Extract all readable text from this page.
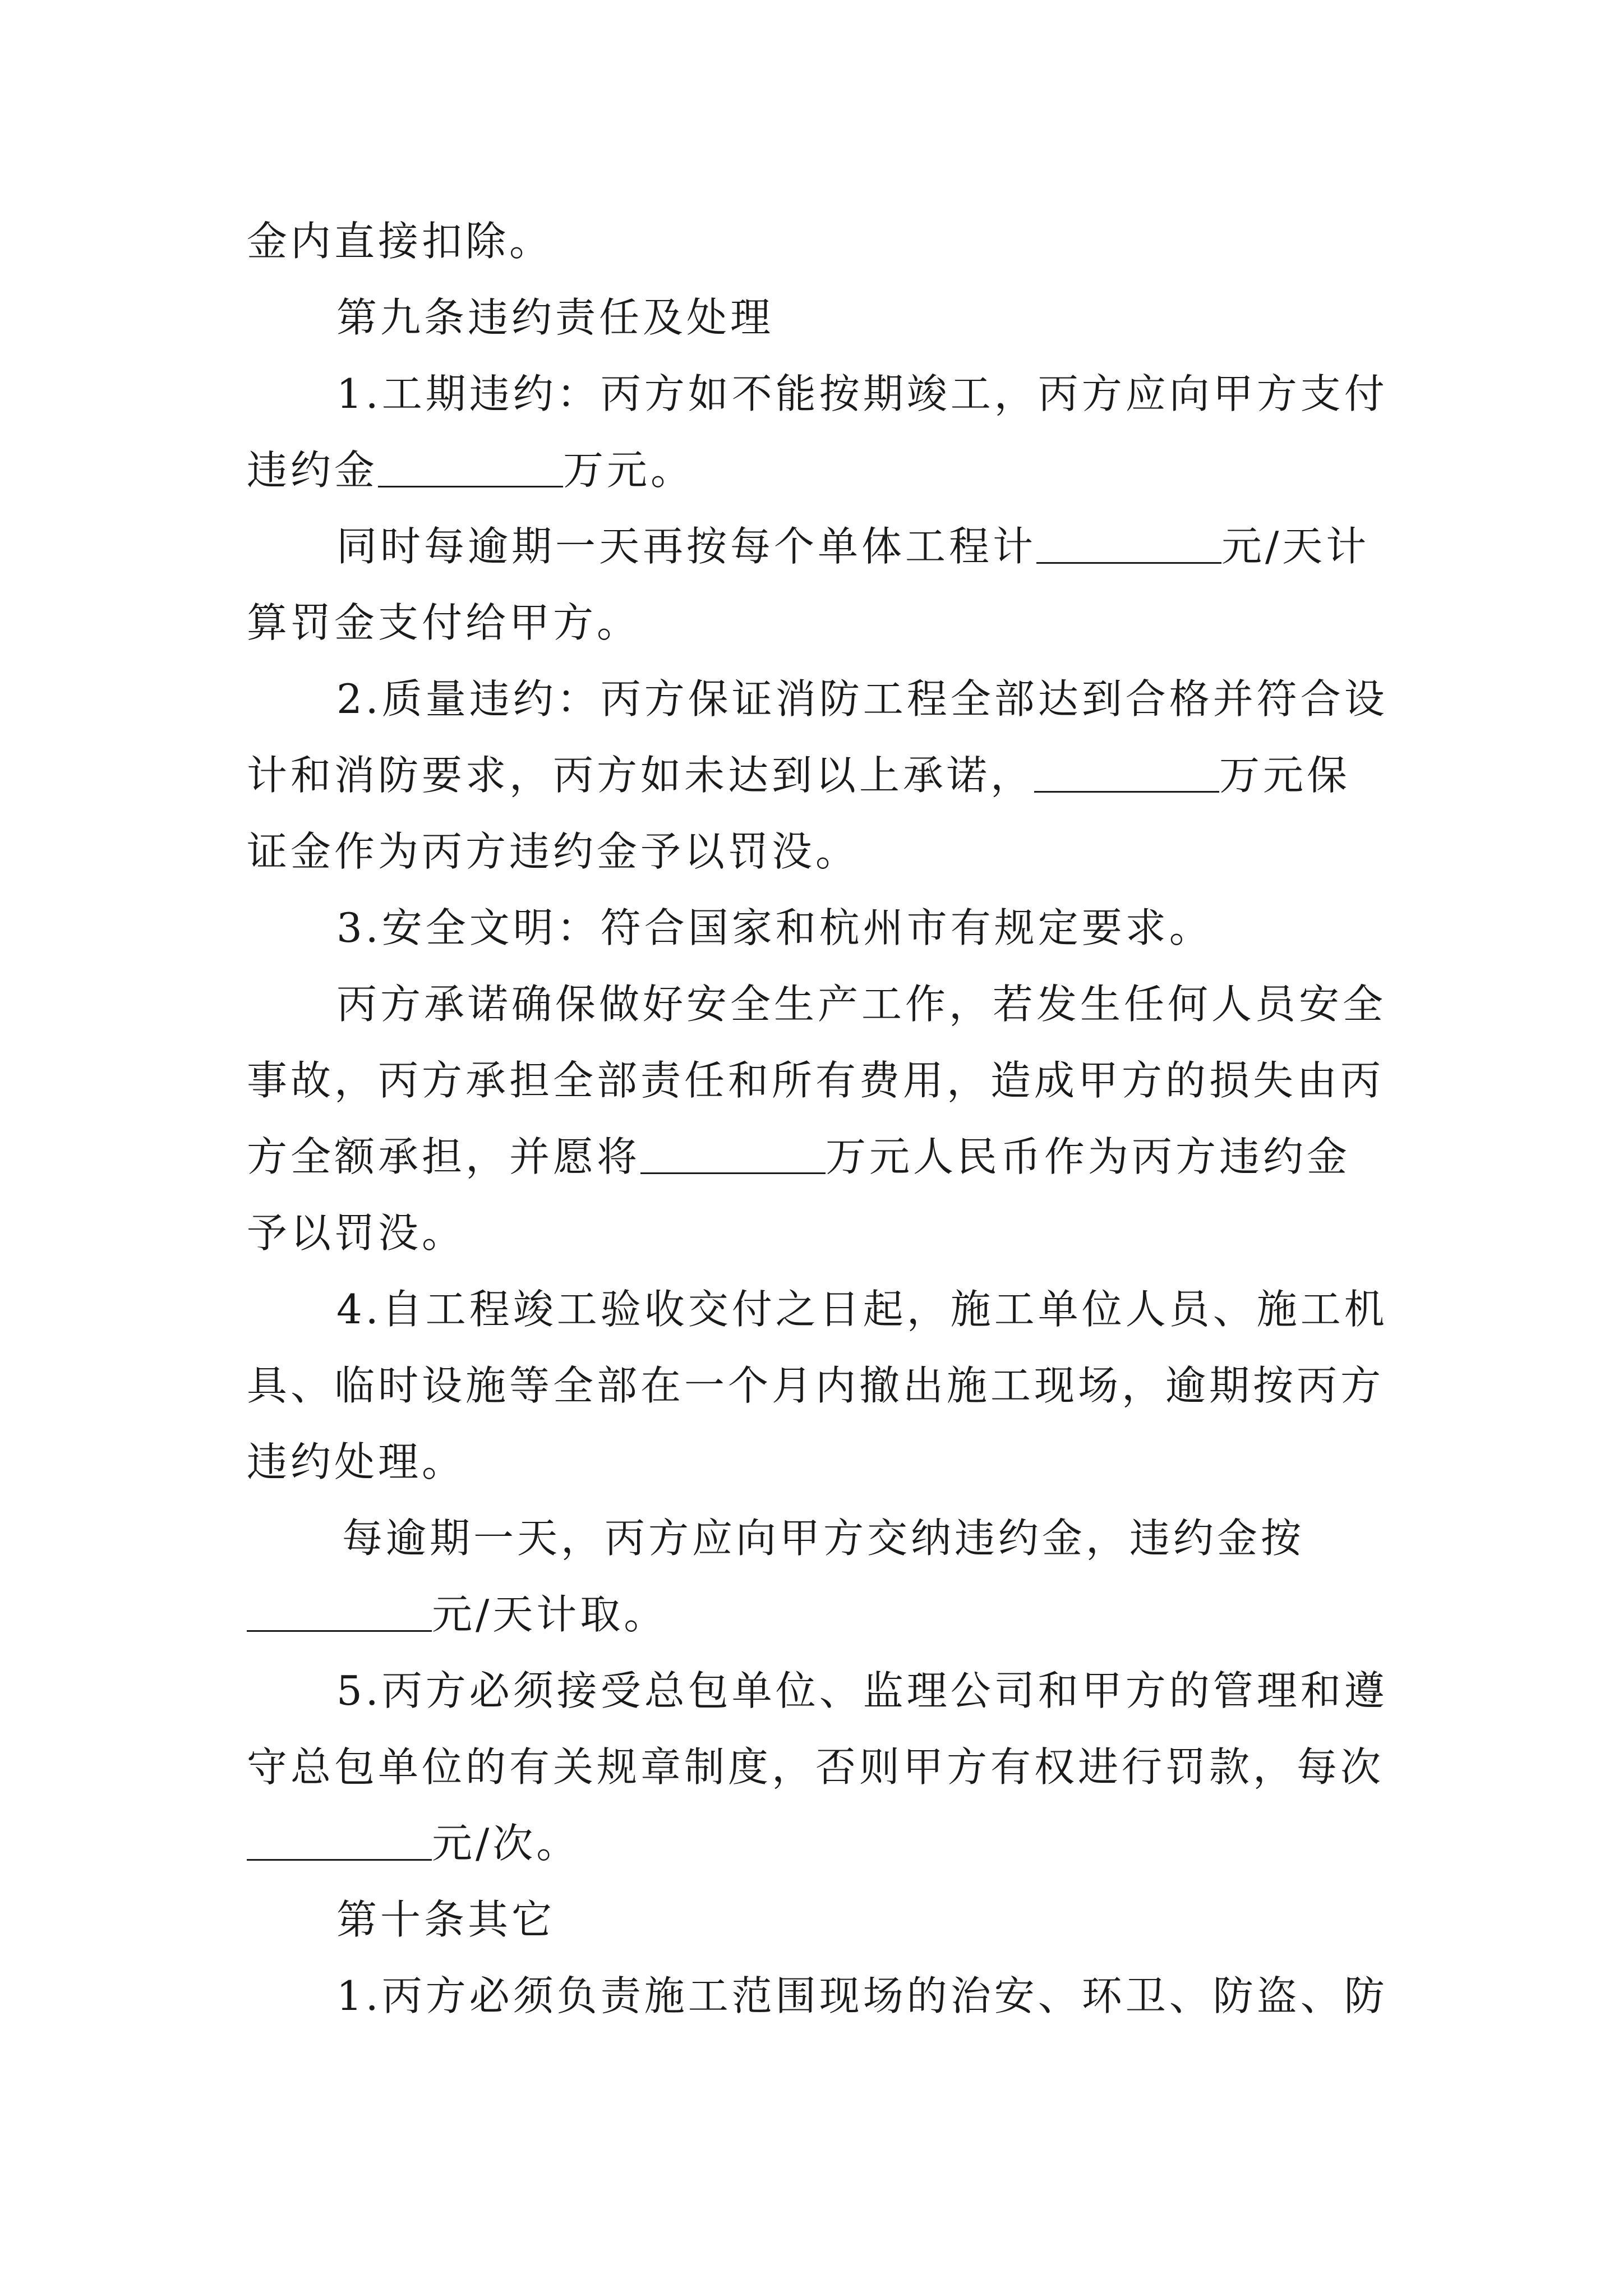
金内直接扣除。
第九条违约责任及处理
1.工期违约：丙方如不能按期竣工，丙方应向甲方支付
违约金	万元。
同时每逾期一天再按每个单体工程计	元/天计
算罚金支付给甲方。
2.质量违约：丙方保证消防工程全部达到合格并符合设
计和消防要求，丙方如未达到以上承诺，	万元保
证金作为丙方违约金予以罚没。
3.安全文明：符合国家和杭州市有规定要求。
丙方承诺确保做好安全生产工作，若发生任何人员安全
事故，丙方承担全部责任和所有费用，造成甲方的损失由丙
方全额承担，并愿将	万元人民币作为丙方违约金
予以罚没。
4.自工程竣工验收交付之日起，施工单位人员、施工机
具、临时设施等全部在一个月内撤出施工现场，逾期按丙方
违约处理。
每逾期一天，丙方应向甲方交纳违约金，违约金按
元/天计取。
5.丙方必须接受总包单位、监理公司和甲方的管理和遵
守总包单位的有关规章制度，否则甲方有权进行罚款，每次
元/次。
第十条其它
1.丙方必须负责施工范围现场的治安、环卫、防盗、防
